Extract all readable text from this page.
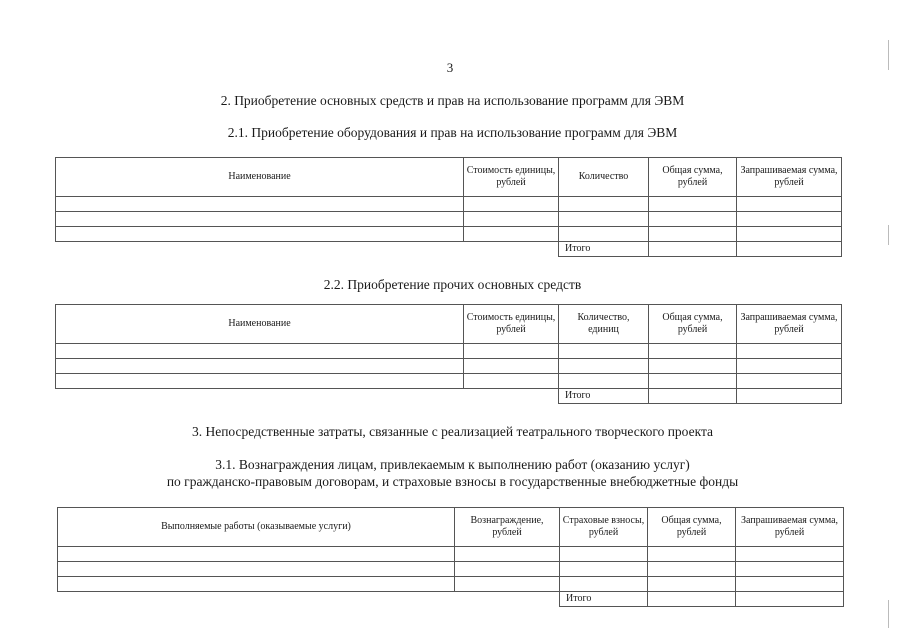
3
2. Приобретение основных средств и прав на использование программ для ЭВМ
2.1. Приобретение оборудования и прав на использование программ для ЭВМ
Наименование	Стоимость единицы, рублей	Количество	Общая сумма, рублей	Запрашиваемая сумма, рублей

		Итого		
2.2. Приобретение прочих основных средств
Наименование	Стоимость единицы, рублей	Количество, единиц	Общая сумма, рублей	Запрашиваемая сумма, рублей

		Итого		
3. Непосредственные затраты, связанные с реализацией театрального творческого проекта
3.1. Вознаграждения лицам, привлекаемым к выполнению работ (оказанию услуг)
по гражданско-правовым договорам, и страховые взносы в государственные внебюджетные фонды
Выполняемые работы (оказываемые услуги)	Вознаграждение, рублей	Страховые взносы, рублей	Общая сумма, рублей	Запрашиваемая сумма, рублей

		Итого		
